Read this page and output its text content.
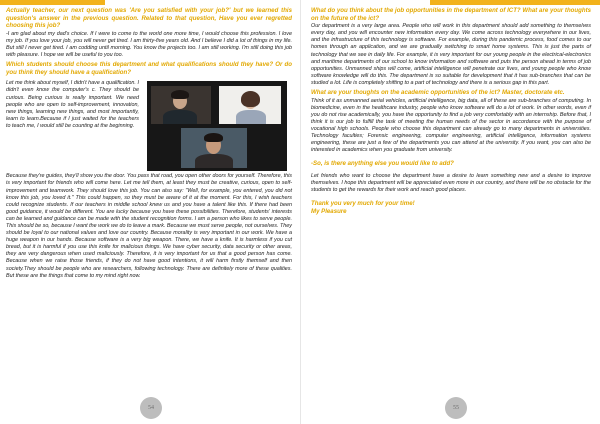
Actually teacher, our next question was 'Are you satisfied with your job?' but we learned this question's answer in the previous question. Related to that question, Have you ever regretted choosing this job?

-I am glad about my dad's choice. If I were to come to the world one more time, I would choose this profession. I love my job. If you love your job, you will never get tired. I am thirty-five years old. And I believe I did a lot of things in my life. But still I never get tired. I am codding until morning. You know the projects too. I am still working. I'm still doing this job with pleasure. I hope we will be useful to you too.

Which students should choose this department and what qualifications should they have? Or do you think they should have a qualification?

Let me think about myself, I didn't have a qualification. I didn't even know the computer's c. They should be curious. Being curious is really important. We need people who are open to self-improvement, innovation, new things, learning new things, and most importantly, learn to learn.Because if I just waited for the teachers to teach me, I would still be counting at the beginning.

Because they're guides, they'll show you the door. You pass that road, you open other doors for yourself. Therefore, this is very important for friends who will come here. Let me tell them, at least they must be creative, curious, open to self-improvement and teamwork. They should love this job. You can also say: "Well, for example, you entered, you did not know this job, you loved it." This could happen, so they must be aware of it at the moment. For this, I wish teachers could recognize students. If our teachers in middle school knew us and you have a talent like this. If there had been good guidance, it would be different. You are lucky because you have these possibilities. Therefore, students' interests can be learned and guidance can be made with the student recognition forms. I am a person who likes to serve people. This should be so, because I want the work we do to leave a mark. Because we must serve people, not ourselves. They should be loyal to our national values and love our country. Because morality is very important in our work. We have a huge weapon in our hands. Because software is a very big weapon. There, we have a knife. It is harmless if you cut bread, but it is harmful if you use this knife for malicious things. We have cyber security, data security or other areas, they are very dangerous when used maliciously. Therefore, it is very important for us that a good person has come. Because when we raise those friends, if they do not have good intentions, it will harm firstly themself and then society.They should be people who are researchers, following technology. There are definitely more of these qualities. But these are the things that come to my mind right now.

54

What do you think about the job opportunities in the department of ICT? What are your thoughts on the future of the ict?

Our department is a very large area. People who will work in this department should add something to themselves every day, and you will encounter new information every day. We come across technology everywhere in our lives, and the infrastructure of this technology is software. For example, during this pandemic process, food comes to our homes through an application, and we are gradually switching to smart home systems. This is just the parts of technology that we see in daily life. For example, it is very important for our young people in the electrical-electronics and maritime departments of our school to know information and software and puts the person ahead in terms of job opportunities. Unmanned ships will come, artificial intelligence will penetrate our lives, and young people who know software knowledge will do this. The department is so suitable for development that it has sub-branches that can be studied a lot. Life is completely shifting to a part of technology and there is a serious gap in this part.

What are your thoughts on the academic opportunities of the ict? Master, doctorate etc.

Think of it as unmanned aerial vehicles, artificial intelligence, big data, all of these are sub-branches of computing. In biomedicine, even in the healthcare industry, people who know software will do a lot of work. In other words, even if you do not rise academically, you have the opportunity to find a job very comfortably with an internship. Before that, I think it is our job to fulfill the task of meeting the human needs of the sector in accordance with the purpose of vocational high schools. People who choose this department can already go to many departments in universities. Technology faculties; Forensic engineering, computer engineering, artificial intelligence, information systems engineering, these are just a few of the departments you can attend at the university. If you want, you can also be interested in academics when you graduate from university.

-So, is there anything else you would like to add?

Let friends who want to choose the department have a desire to learn something new and a desire to improve themselves. I hope this department will be appreciated even more in our country, and there will be no obstacle for the students to get the rewards for their work and reach good places.

Thank you very much for your time!

My Pleasure

55
